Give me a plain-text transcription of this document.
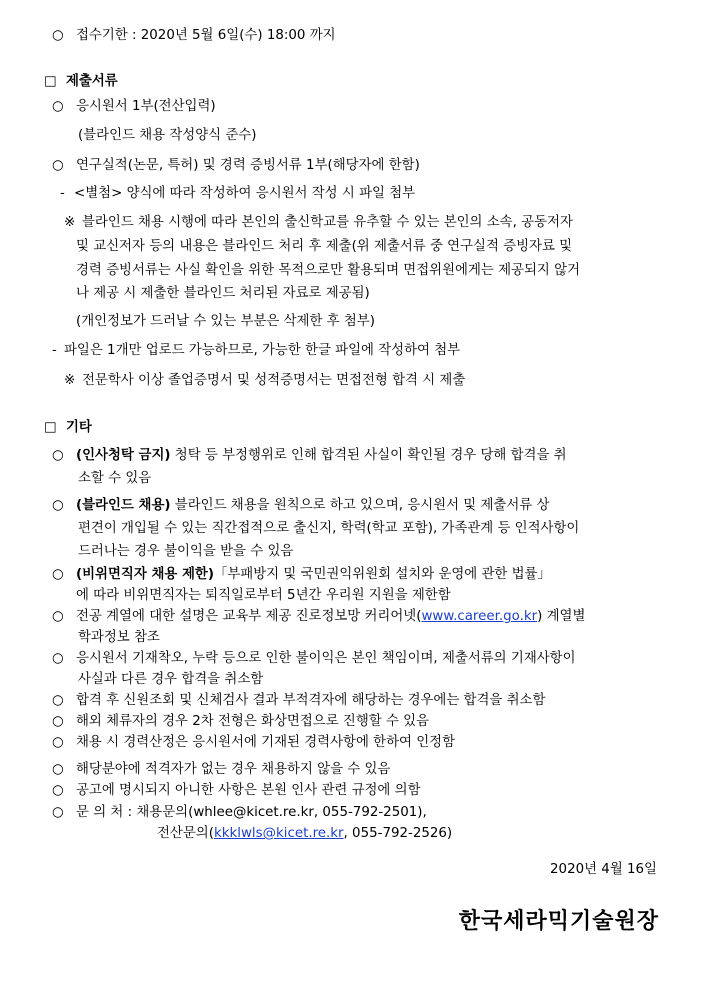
○ 접수기한 : 2020년 5월 6일(수) 18:00 까지
□ 제출서류
○ 응시원서 1부(전산입력)
(블라인드 채용 작성양식 준수)
○ 연구실적(논문, 특허) 및 경력 증빙서류 1부(해당자에 한함)
- <별첨> 양식에 따라 작성하여 응시원서 작성 시 파일 첨부
※ 블라인드 채용 시행에 따라 본인의 출신학교를 유추할 수 있는 본인의 소속, 공동저자
및 교신저자 등의 내용은 블라인드 처리 후 제출(위 제출서류 중 연구실적 증빙자료 및
경력 증빙서류는 사실 확인을 위한 목적으로만 활용되며 면접위원에게는 제공되지 않거
나 제공 시 제출한 블라인드 처리된 자료로 제공됨)
(개인정보가 드러날 수 있는 부분은 삭제한 후 첨부)
- 파일은 1개만 업로드 가능하므로, 가능한 한글 파일에 작성하여 첨부
※ 전문학사 이상 졸업증명서 및 성적증명서는 면접전형 합격 시 제출
□ 기타
○ (인사청탁 금지) 청탁 등 부정행위로 인해 합격된 사실이 확인될 경우 당해 합격을 취
소할 수 있음
○ (블라인드 채용) 블라인드 채용을 원칙으로 하고 있으며, 응시원서 및 제출서류 상
편견이 개입될 수 있는 직간접적으로 출신지, 학력(학교 포함), 가족관계 등 인적사항이
드러나는 경우 불이익을 받을 수 있음
○ (비위면직자 채용 제한)「부패방지 및 국민권익위원회 설치와 운영에 관한 법률」
에 따라 비위면직자는 퇴직일로부터 5년간 우리원 지원을 제한함
○ 전공 계열에 대한 설명은 교육부 제공 진로정보망 커리어넷(www.career.go.kr) 계열별
학과정보 참조
○ 응시원서 기재착오, 누락 등으로 인한 불이익은 본인 책임이며, 제출서류의 기재사항이
사실과 다른 경우 합격을 취소함
○ 합격 후 신원조회 및 신체검사 결과 부적격자에 해당하는 경우에는 합격을 취소함
○ 해외 체류자의 경우 2차 전형은 화상면접으로 진행할 수 있음
○ 채용 시 경력산정은 응시원서에 기재된 경력사항에 한하여 인정함
○ 해당분야에 적격자가 없는 경우 채용하지 않을 수 있음
○ 공고에 명시되지 아니한 사항은 본원 인사 관련 규정에 의함
○ 문 의 처 : 채용문의(whlee@kicet.re.kr, 055-792-2501),
전산문의(kkklwls@kicet.re.kr, 055-792-2526)
2020년 4월 16일
한국세라믹기술원장
